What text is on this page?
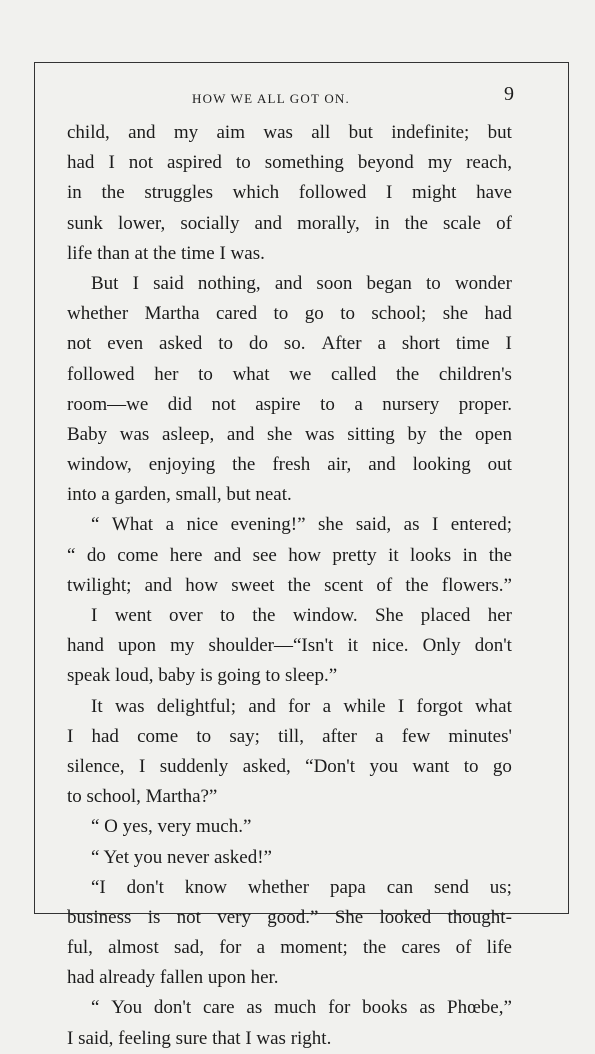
HOW WE ALL GOT ON.	9
child, and my aim was all but indefinite; but
had I not aspired to something beyond my reach,
in the struggles which followed I might have
sunk lower, socially and morally, in the scale of
life than at the time I was.
But I said nothing, and soon began to wonder
whether Martha cared to go to school; she had
not even asked to do so. After a short time I
followed her to what we called the children's
room—we did not aspire to a nursery proper.
Baby was asleep, and she was sitting by the open
window, enjoying the fresh air, and looking out
into a garden, small, but neat.
“ What a nice evening!” she said, as I entered;
“ do come here and see how pretty it looks in the
twilight; and how sweet the scent of the flowers.”
I went over to the window. She placed her
hand upon my shoulder—“Isn't it nice. Only don't
speak loud, baby is going to sleep.”
It was delightful; and for a while I forgot what
I had come to say; till, after a few minutes'
silence, I suddenly asked, “Don't you want to go
to school, Martha?”
“ O yes, very much.”
“ Yet you never asked!”
“I don't know whether papa can send us;
business is not very good.” She looked thought-
ful, almost sad, for a moment; the cares of life
had already fallen upon her.
“ You don't care as much for books as Phœbe,”
I said, feeling sure that I was right.
